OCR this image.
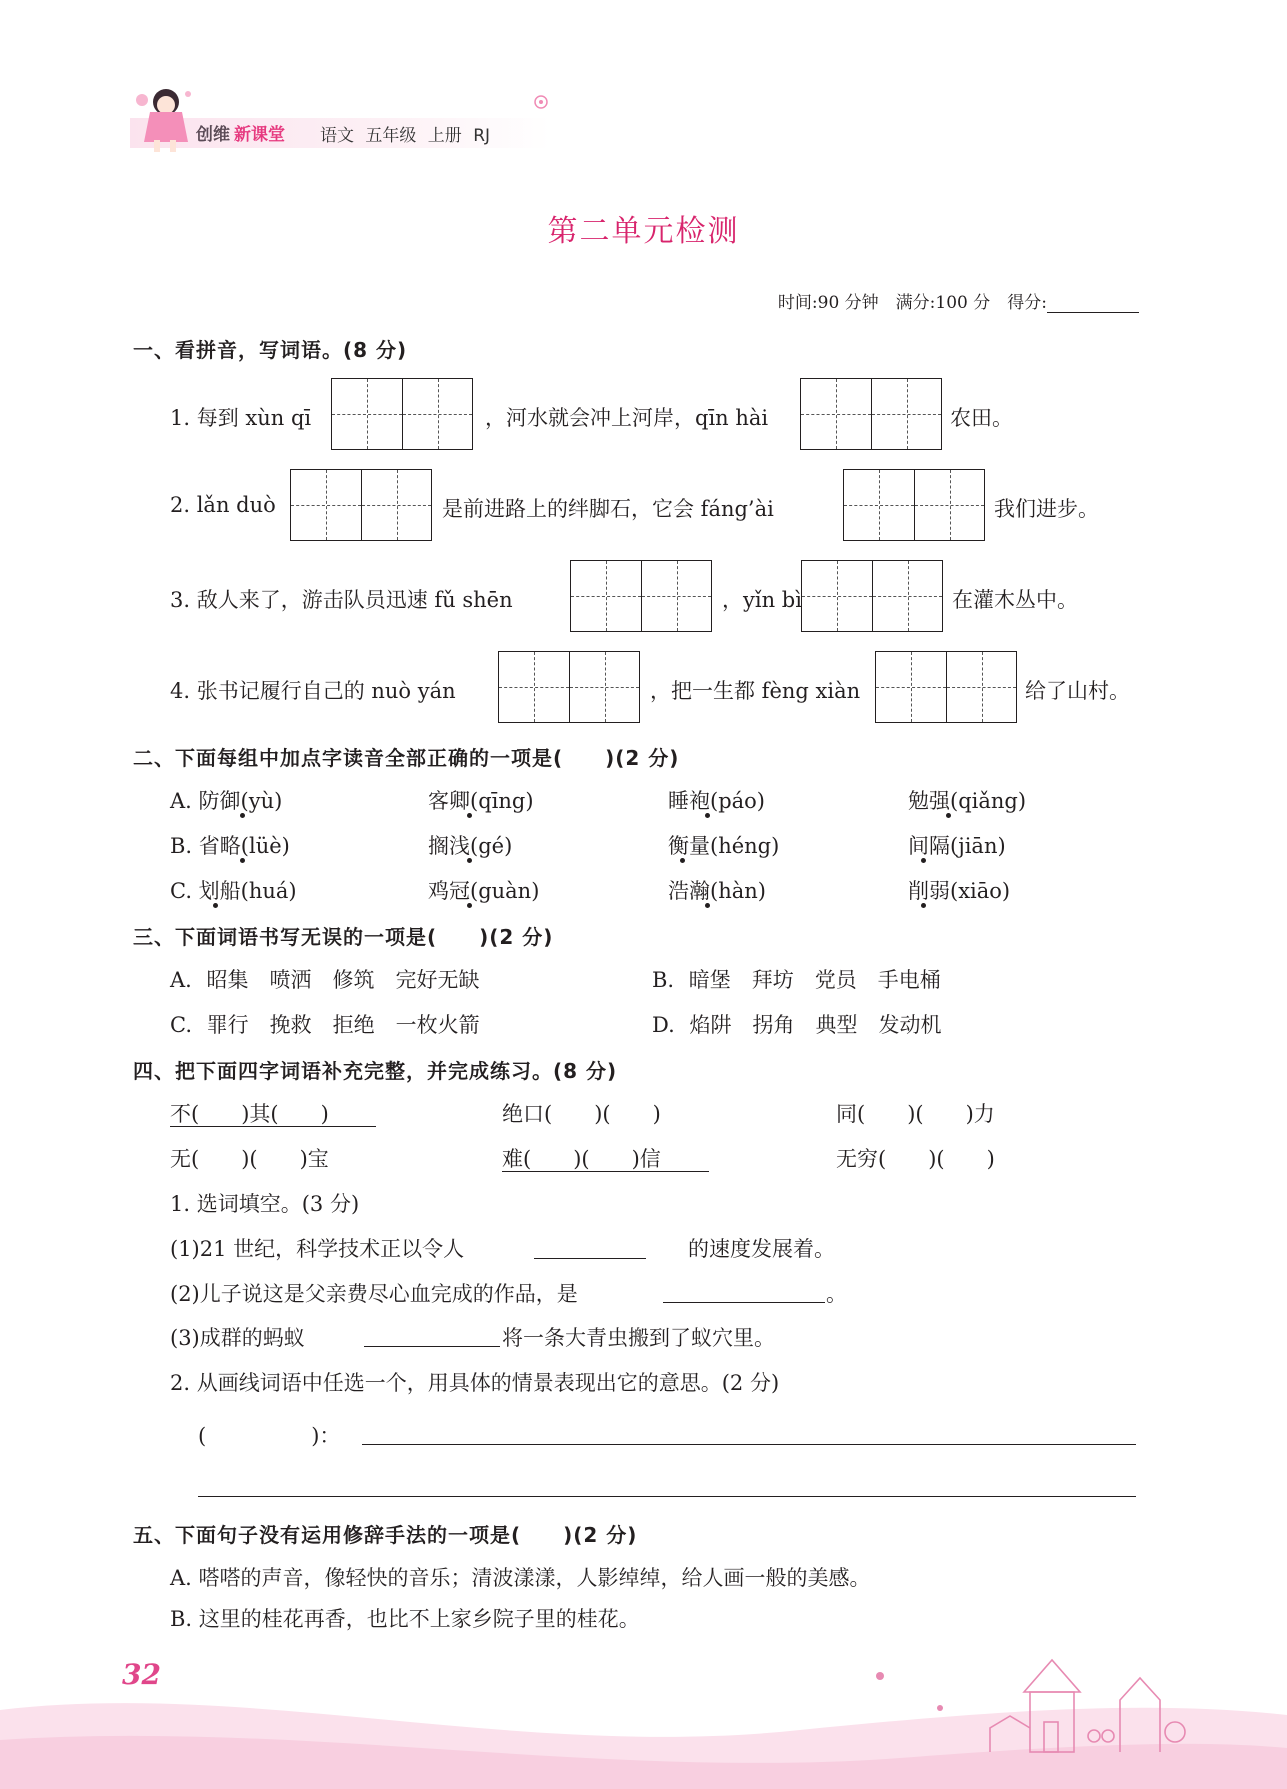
创维 新课堂 语文 五年级 上册 RJ
第二单元检测
时间:90 分钟　满分:100 分　得分:
一、看拼音，写词语。(8 分)
1. 每到 xùn qī	，河水就会冲上河岸，qīn hài	农田。
2. lǎn duò	是前进路上的绊脚石，它会 fáng’ài	我们进步。
3. 敌人来了，游击队员迅速 fǔ shēn	，yǐn bì	在灌木丛中。
4. 张书记履行自己的 nuò yán	，把一生都 fèng xiàn	给了山村。
二、下面每组中加点字读音全部正确的一项是(　　)(2 分)
A. 防御(yù)	客卿(qīng)	睡袍(páo)	勉强(qiǎng)
B. 省略(lüè)	搁浅(gé)	衡量(héng)	间隔(jiān)
C. 划船(huá)	鸡冠(guàn)	浩瀚(hàn)	削弱(xiāo)
三、下面词语书写无误的一项是(　　)(2 分)
A. 昭集　喷洒　修筑　完好无缺	B. 暗堡　拜坊　党员　手电桶
C. 罪行　挽救　拒绝　一枚火箭	D. 焰阱　拐角　典型　发动机
四、把下面四字词语补充完整，并完成练习。(8 分)
不(　　)其(　　)	绝口(　　)(　　)	同(　　)(　　)力
无(　　)(　　)宝	难(　　)(　　)信	无穷(　　)(　　)
1. 选词填空。(3 分)
(1)21 世纪，科学技术正以令人	的速度发展着。
(2)儿子说这是父亲费尽心血完成的作品，是	。
(3)成群的蚂蚁	将一条大青虫搬到了蚁穴里。
2. 从画线词语中任选一个，用具体的情景表现出它的意思。(2 分)
(　　　　　)：
五、下面句子没有运用修辞手法的一项是(　　)(2 分)
A. 嗒嗒的声音，像轻快的音乐；清波漾漾，人影绰绰，给人画一般的美感。
B. 这里的桂花再香，也比不上家乡院子里的桂花。
32
